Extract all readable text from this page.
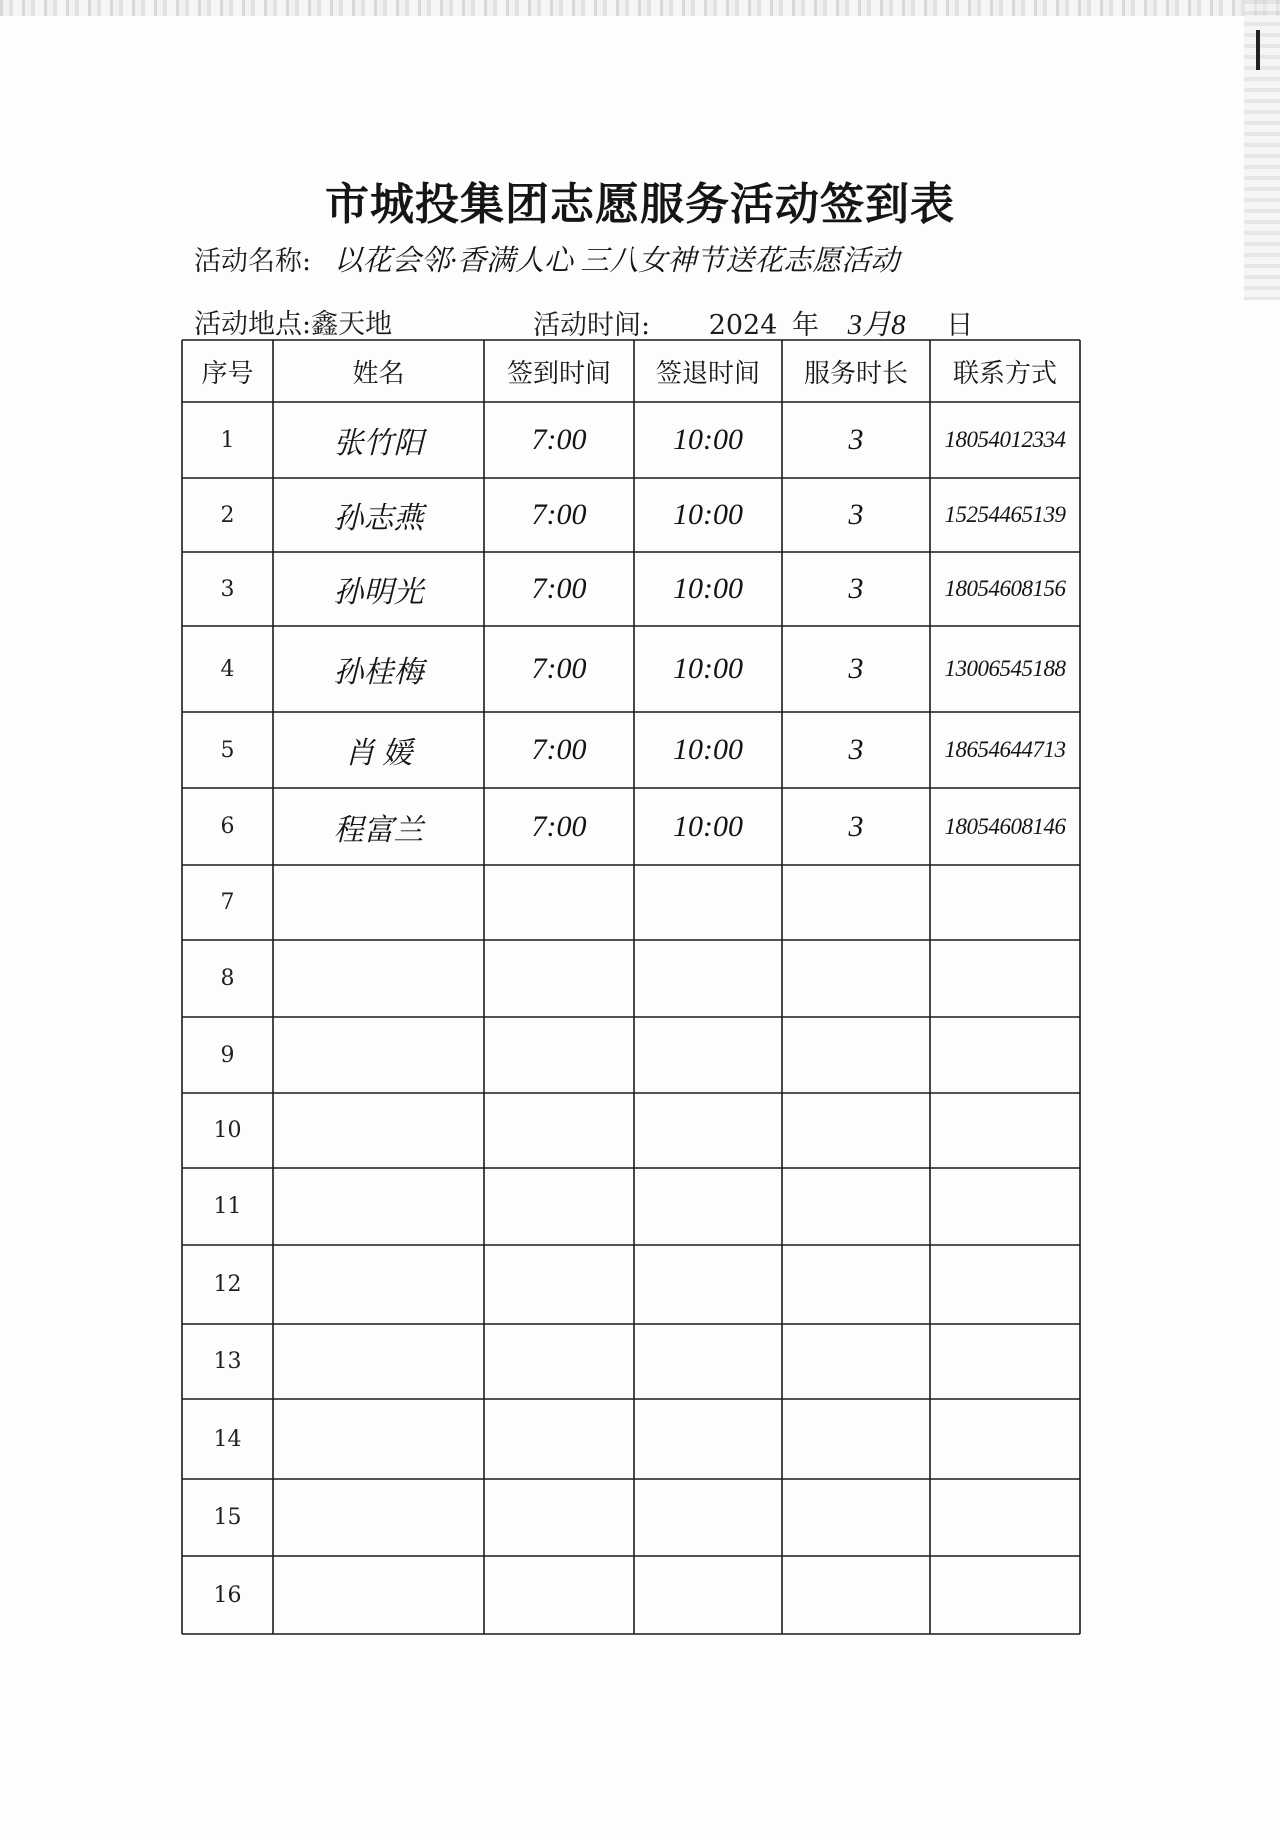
市城投集团志愿服务活动签到表
活动名称: 以花会邻·香满人心 三八女神节送花志愿活动
活动地点:鑫天地	活动时间: 2024 年 3月8 日
序号	姓名	签到时间	签退时间	服务时长	联系方式
1	张竹阳	7:00	10:00	3	18054012334
2	孙志燕	7:00	10:00	3	15254465139
3	孙明光	7:00	10:00	3	18054608156
4	孙桂梅	7:00	10:00	3	13006545188
5	肖 媛	7:00	10:00	3	18654644713
6	程富兰	7:00	10:00	3	18054608146
7
8
9
10
11
12
13
14
15
16
